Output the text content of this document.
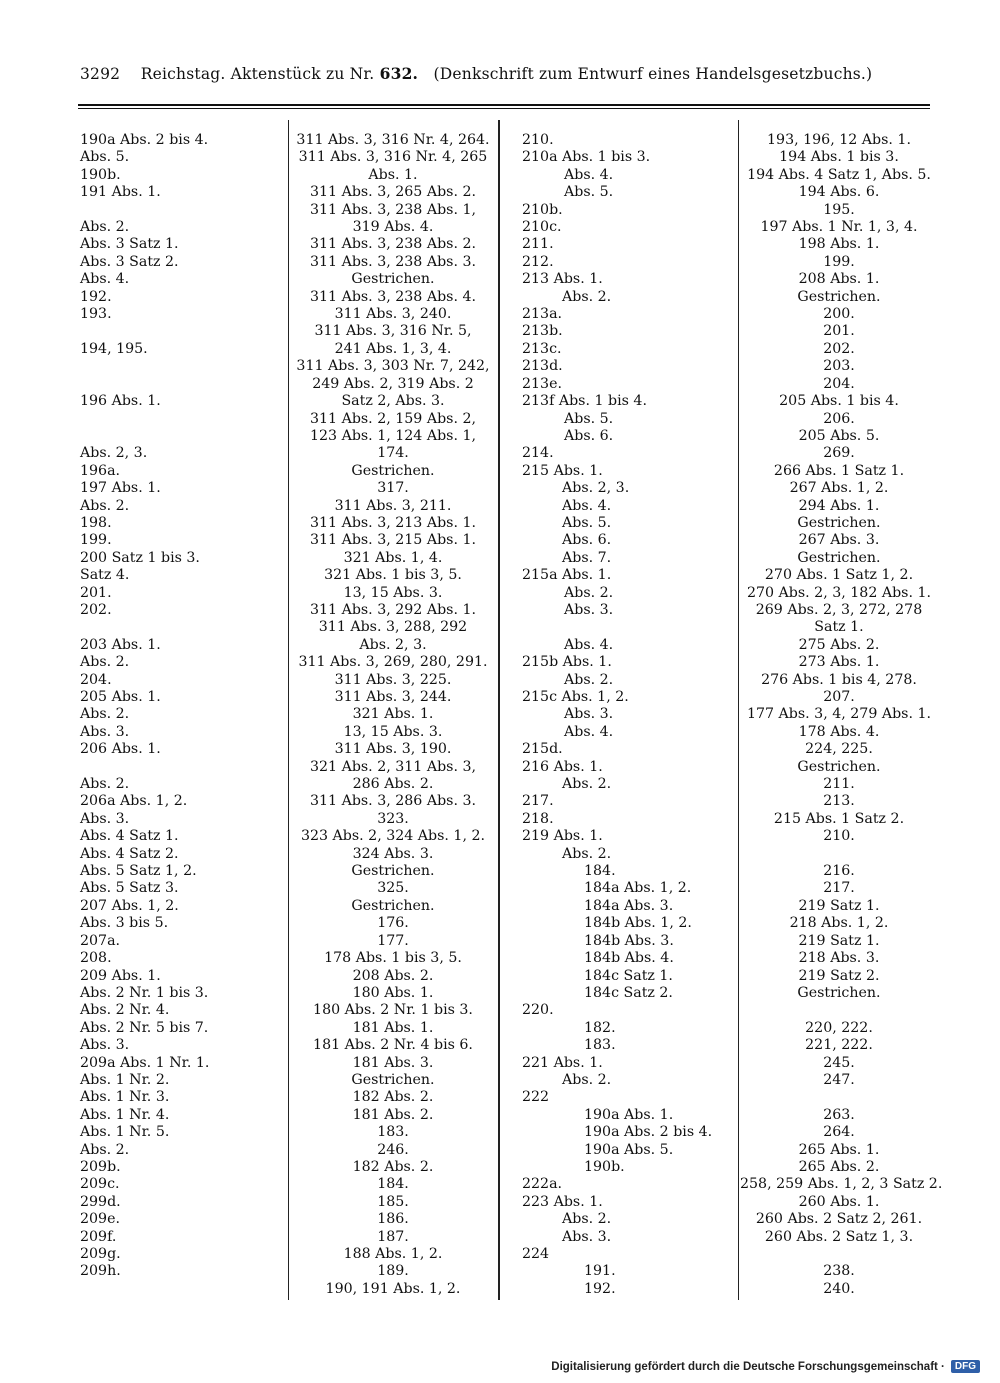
3292 Reichstag. Aktenstück zu Nr. 632. (Denkschrift zum Entwurf eines Handelsgesetzbuchs.)
190a Abs. 2 bis 4.
Abs. 5.
190b.
191 Abs. 1.
Abs. 2.
Abs. 3 Satz 1.
Abs. 3 Satz 2.
Abs. 4.
192.
193.
194, 195.
196 Abs. 1.
Abs. 2, 3.
196a.
197 Abs. 1.
Abs. 2.
198.
199.
200 Satz 1 bis 3.
Satz 4.
201.
202.
203 Abs. 1.
Abs. 2.
204.
205 Abs. 1.
Abs. 2.
Abs. 3.
206 Abs. 1.
Abs. 2.
206a Abs. 1, 2.
Abs. 3.
Abs. 4 Satz 1.
Abs. 4 Satz 2.
Abs. 5 Satz 1, 2.
Abs. 5 Satz 3.
207 Abs. 1, 2.
Abs. 3 bis 5.
207a.
208.
209 Abs. 1.
Abs. 2 Nr. 1 bis 3.
Abs. 2 Nr. 4.
Abs. 2 Nr. 5 bis 7.
Abs. 3.
209a Abs. 1 Nr. 1.
Abs. 1 Nr. 2.
Abs. 1 Nr. 3.
Abs. 1 Nr. 4.
Abs. 1 Nr. 5.
Abs. 2.
209b.
209c.
299d.
209e.
209f.
209g.
209h.
311 Abs. 3, 316 Nr. 4, 264.
311 Abs. 3, 316 Nr. 4, 265
Abs. 1.
311 Abs. 3, 265 Abs. 2.
311 Abs. 3, 238 Abs. 1,
319 Abs. 4.
311 Abs. 3, 238 Abs. 2.
311 Abs. 3, 238 Abs. 3.
Gestrichen.
311 Abs. 3, 238 Abs. 4.
311 Abs. 3, 240.
311 Abs. 3, 316 Nr. 5,
241 Abs. 1, 3, 4.
311 Abs. 3, 303 Nr. 7, 242,
249 Abs. 2, 319 Abs. 2
Satz 2, Abs. 3.
311 Abs. 2, 159 Abs. 2,
123 Abs. 1, 124 Abs. 1,
174.
Gestrichen.
317.
311 Abs. 3, 211.
311 Abs. 3, 213 Abs. 1.
311 Abs. 3, 215 Abs. 1.
321 Abs. 1, 4.
321 Abs. 1 bis 3, 5.
13, 15 Abs. 3.
311 Abs. 3, 292 Abs. 1.
311 Abs. 3, 288, 292
Abs. 2, 3.
311 Abs. 3, 269, 280, 291.
311 Abs. 3, 225.
311 Abs. 3, 244.
321 Abs. 1.
13, 15 Abs. 3.
311 Abs. 3, 190.
321 Abs. 2, 311 Abs. 3,
286 Abs. 2.
311 Abs. 3, 286 Abs. 3.
323.
323 Abs. 2, 324 Abs. 1, 2.
324 Abs. 3.
Gestrichen.
325.
Gestrichen.
176.
177.
178 Abs. 1 bis 3, 5.
208 Abs. 2.
180 Abs. 1.
180 Abs. 2 Nr. 1 bis 3.
181 Abs. 1.
181 Abs. 2 Nr. 4 bis 6.
181 Abs. 3.
Gestrichen.
182 Abs. 2.
181 Abs. 2.
183.
246.
182 Abs. 2.
184.
185.
186.
187.
188 Abs. 1, 2.
189.
190, 191 Abs. 1, 2.
210.
210a Abs. 1 bis 3.
Abs. 4.
Abs. 5.
210b.
210c.
211.
212.
213 Abs. 1.
Abs. 2.
213a.
213b.
213c.
213d.
213e.
213f Abs. 1 bis 4.
Abs. 5.
Abs. 6.
214.
215 Abs. 1.
Abs. 2, 3.
Abs. 4.
Abs. 5.
Abs. 6.
Abs. 7.
215a Abs. 1.
Abs. 2.
Abs. 3.
Abs. 4.
215b Abs. 1.
Abs. 2.
215c Abs. 1, 2.
Abs. 3.
Abs. 4.
215d.
216 Abs. 1.
Abs. 2.
217.
218.
219 Abs. 1.
Abs. 2.
184.
184a Abs. 1, 2.
184a Abs. 3.
184b Abs. 1, 2.
184b Abs. 3.
184b Abs. 4.
184c Satz 1.
184c Satz 2.
220.
182.
183.
221 Abs. 1.
Abs. 2.
222
190a Abs. 1.
190a Abs. 2 bis 4.
190a Abs. 5.
190b.
222a.
223 Abs. 1.
Abs. 2.
Abs. 3.
224
191.
192.
193, 196, 12 Abs. 1.
194 Abs. 1 bis 3.
194 Abs. 4 Satz 1, Abs. 5.
194 Abs. 6.
195.
197 Abs. 1 Nr. 1, 3, 4.
198 Abs. 1.
199.
208 Abs. 1.
Gestrichen.
200.
201.
202.
203.
204.
205 Abs. 1 bis 4.
206.
205 Abs. 5.
269.
266 Abs. 1 Satz 1.
267 Abs. 1, 2.
294 Abs. 1.
Gestrichen.
267 Abs. 3.
Gestrichen.
270 Abs. 1 Satz 1, 2.
270 Abs. 2, 3, 182 Abs. 1.
269 Abs. 2, 3, 272, 278
Satz 1.
275 Abs. 2.
273 Abs. 1.
276 Abs. 1 bis 4, 278.
207.
177 Abs. 3, 4, 279 Abs. 1.
178 Abs. 4.
224, 225.
Gestrichen.
211.
213.
215 Abs. 1 Satz 2.
210.
216.
217.
219 Satz 1.
218 Abs. 1, 2.
219 Satz 1.
218 Abs. 3.
219 Satz 2.
Gestrichen.
220, 222.
221, 222.
245.
247.
263.
264.
265 Abs. 1.
265 Abs. 2.
258, 259 Abs. 1, 2, 3 Satz 2.
260 Abs. 1.
260 Abs. 2 Satz 2, 261.
260 Abs. 2 Satz 1, 3.
238.
240.
Digitalisierung gefördert durch die Deutsche Forschungsgemeinschaft ·	DFG
